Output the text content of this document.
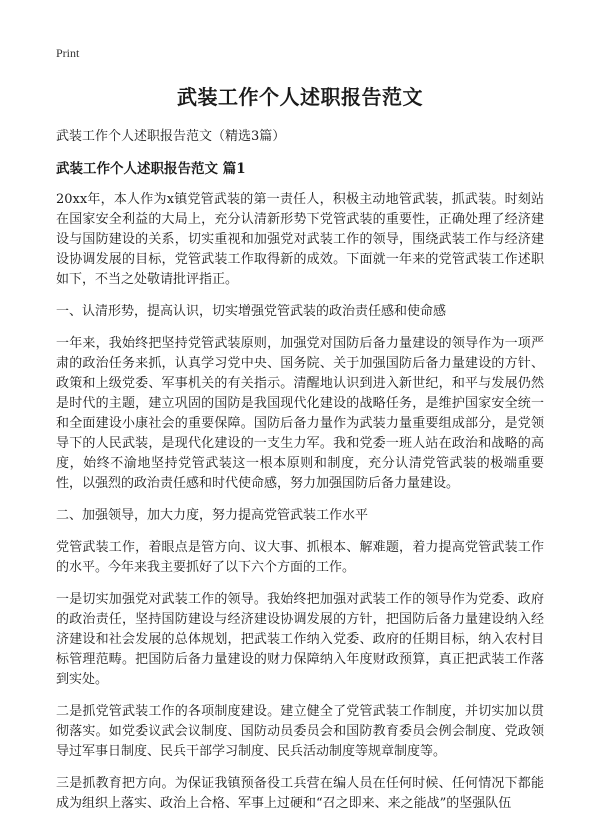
Print
武装工作个人述职报告范文
武装工作个人述职报告范文（精选3篇）
武装工作个人述职报告范文 篇1

20xx年，本人作为x镇党管武装的第一责任人，积极主动地管武装，抓武装。时刻站在国家安全利益的大局上，充分认清新形势下党管武装的重要性，正确处理了经济建设与国防建设的关系，切实重视和加强党对武装工作的领导，围绕武装工作与经济建设协调发展的目标，党管武装工作取得新的成效。下面就一年来的党管武装工作述职如下，不当之处敬请批评指正。

一、认清形势，提高认识，切实增强党管武装的政治责任感和使命感

一年来，我始终把坚持党管武装原则，加强党对国防后备力量建设的领导作为一项严肃的政治任务来抓，认真学习党中央、国务院、关于加强国防后备力量建设的方针、政策和上级党委、军事机关的有关指示。清醒地认识到进入新世纪，和平与发展仍然是时代的主题，建立巩固的国防是我国现代化建设的战略任务，是维护国家安全统一和全面建设小康社会的重要保障。国防后备力量作为武装力量重要组成部分，是党领导下的人民武装，是现代化建设的一支生力军。我和党委一班人站在政治和战略的高度，始终不渝地坚持党管武装这一根本原则和制度，充分认清党管武装的极端重要性，以强烈的政治责任感和时代使命感，努力加强国防后备力量建设。

二、加强领导，加大力度，努力提高党管武装工作水平

党管武装工作，着眼点是管方向、议大事、抓根本、解难题，着力提高党管武装工作的水平。今年来我主要抓好了以下六个方面的工作。

一是切实加强党对武装工作的领导。我始终把加强对武装工作的领导作为党委、政府的政治责任，坚持国防建设与经济建设协调发展的方针，把国防后备力量建设纳入经济建设和社会发展的总体规划，把武装工作纳入党委、政府的任期目标，纳入农村目标管理范畴。把国防后备力量建设的财力保障纳入年度财政预算，真正把武装工作落到实处。

二是抓党管武装工作的各项制度建设。建立健全了党管武装工作制度，并切实加以贯彻落实。如党委议武会议制度、国防动员委员会和国防教育委员会例会制度、党政领导过军事日制度、民兵干部学习制度、民兵活动制度等规章制度等。

三是抓教育把方向。为保证我镇预备役工兵营在编人员在任何时候、任何情况下都能成为组织上落实、政治上合格、军事上过硬和“召之即来、来之能战”的坚强队伍
